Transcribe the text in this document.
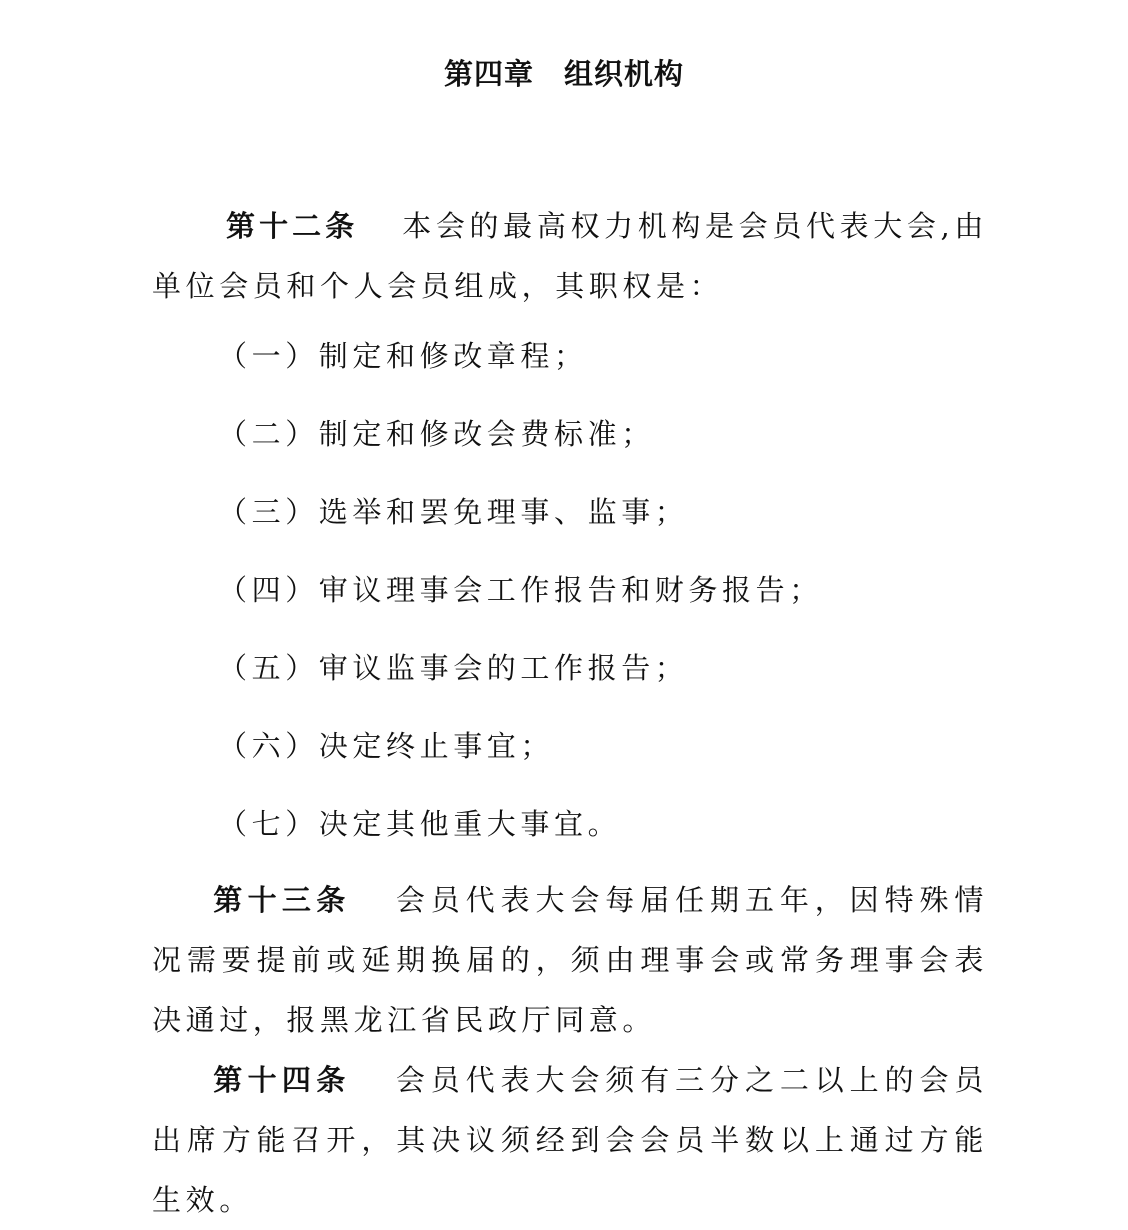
第四章　组织机构
第十二条 本会的最高权力机构是会员代表大会,由单位会员和个人会员组成，其职权是：
（一）制定和修改章程；
（二）制定和修改会费标准；
（三）选举和罢免理事、监事；
（四）审议理事会工作报告和财务报告；
（五）审议监事会的工作报告；
（六）决定终止事宜；
（七）决定其他重大事宜。
第十三条 会员代表大会每届任期五年，因特殊情况需要提前或延期换届的，须由理事会或常务理事会表决通过，报黑龙江省民政厅同意。
第十四条 会员代表大会须有三分之二以上的会员出席方能召开，其决议须经到会会员半数以上通过方能生效。
